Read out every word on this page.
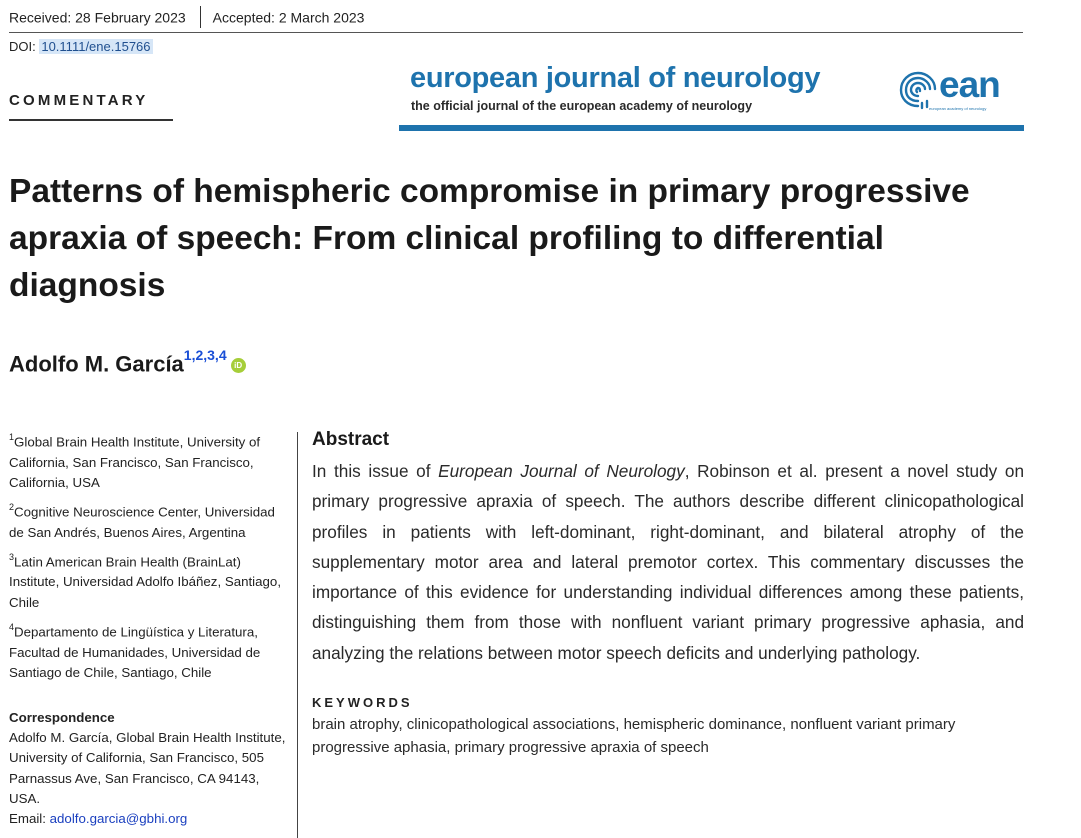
Received: 28 February 2023 Accepted: 2 March 2023
DOI: 10.1111/ene.15766
COMMENTARY
european journal of neurology
the official journal of the european academy of neurology
ean
european academy of neurology
Patterns of hemispheric compromise in primary progressive apraxia of speech: From clinical profiling to differential diagnosis
Adolfo M. García$^{1,2,3,4}$iD
$^1$Global Brain Health Institute, University of California, San Francisco, San Francisco, California, USA
$^2$Cognitive Neuroscience Center, Universidad de San Andrés, Buenos Aires, Argentina
$^3$Latin American Brain Health (BrainLat) Institute, Universidad Adolfo Ibáñez, Santiago, Chile
$^4$Departamento de Lingüística y Literatura, Facultad de Humanidades, Universidad de Santiago de Chile, Santiago, Chile
Correspondence
Adolfo M. García, Global Brain Health Institute, University of California, San Francisco, 505 Parnassus Ave, San Francisco, CA 94143, USA.
Email: adolfo.garcia@gbhi.org
Abstract
In this issue of European Journal of Neurology, Robinson et al. present a novel study on primary progressive apraxia of speech. The authors describe different clinicopathological profiles in patients with left-dominant, right-dominant, and bilateral atrophy of the supplementary motor area and lateral premotor cortex. This commentary discusses the importance of this evidence for understanding individual differences among these patients, distinguishing them from those with nonfluent variant primary progressive aphasia, and analyzing the relations between motor speech deficits and underlying pathology.
KEYWORDS
brain atrophy, clinicopathological associations, hemispheric dominance, nonfluent variant primary progressive aphasia, primary progressive apraxia of speech
